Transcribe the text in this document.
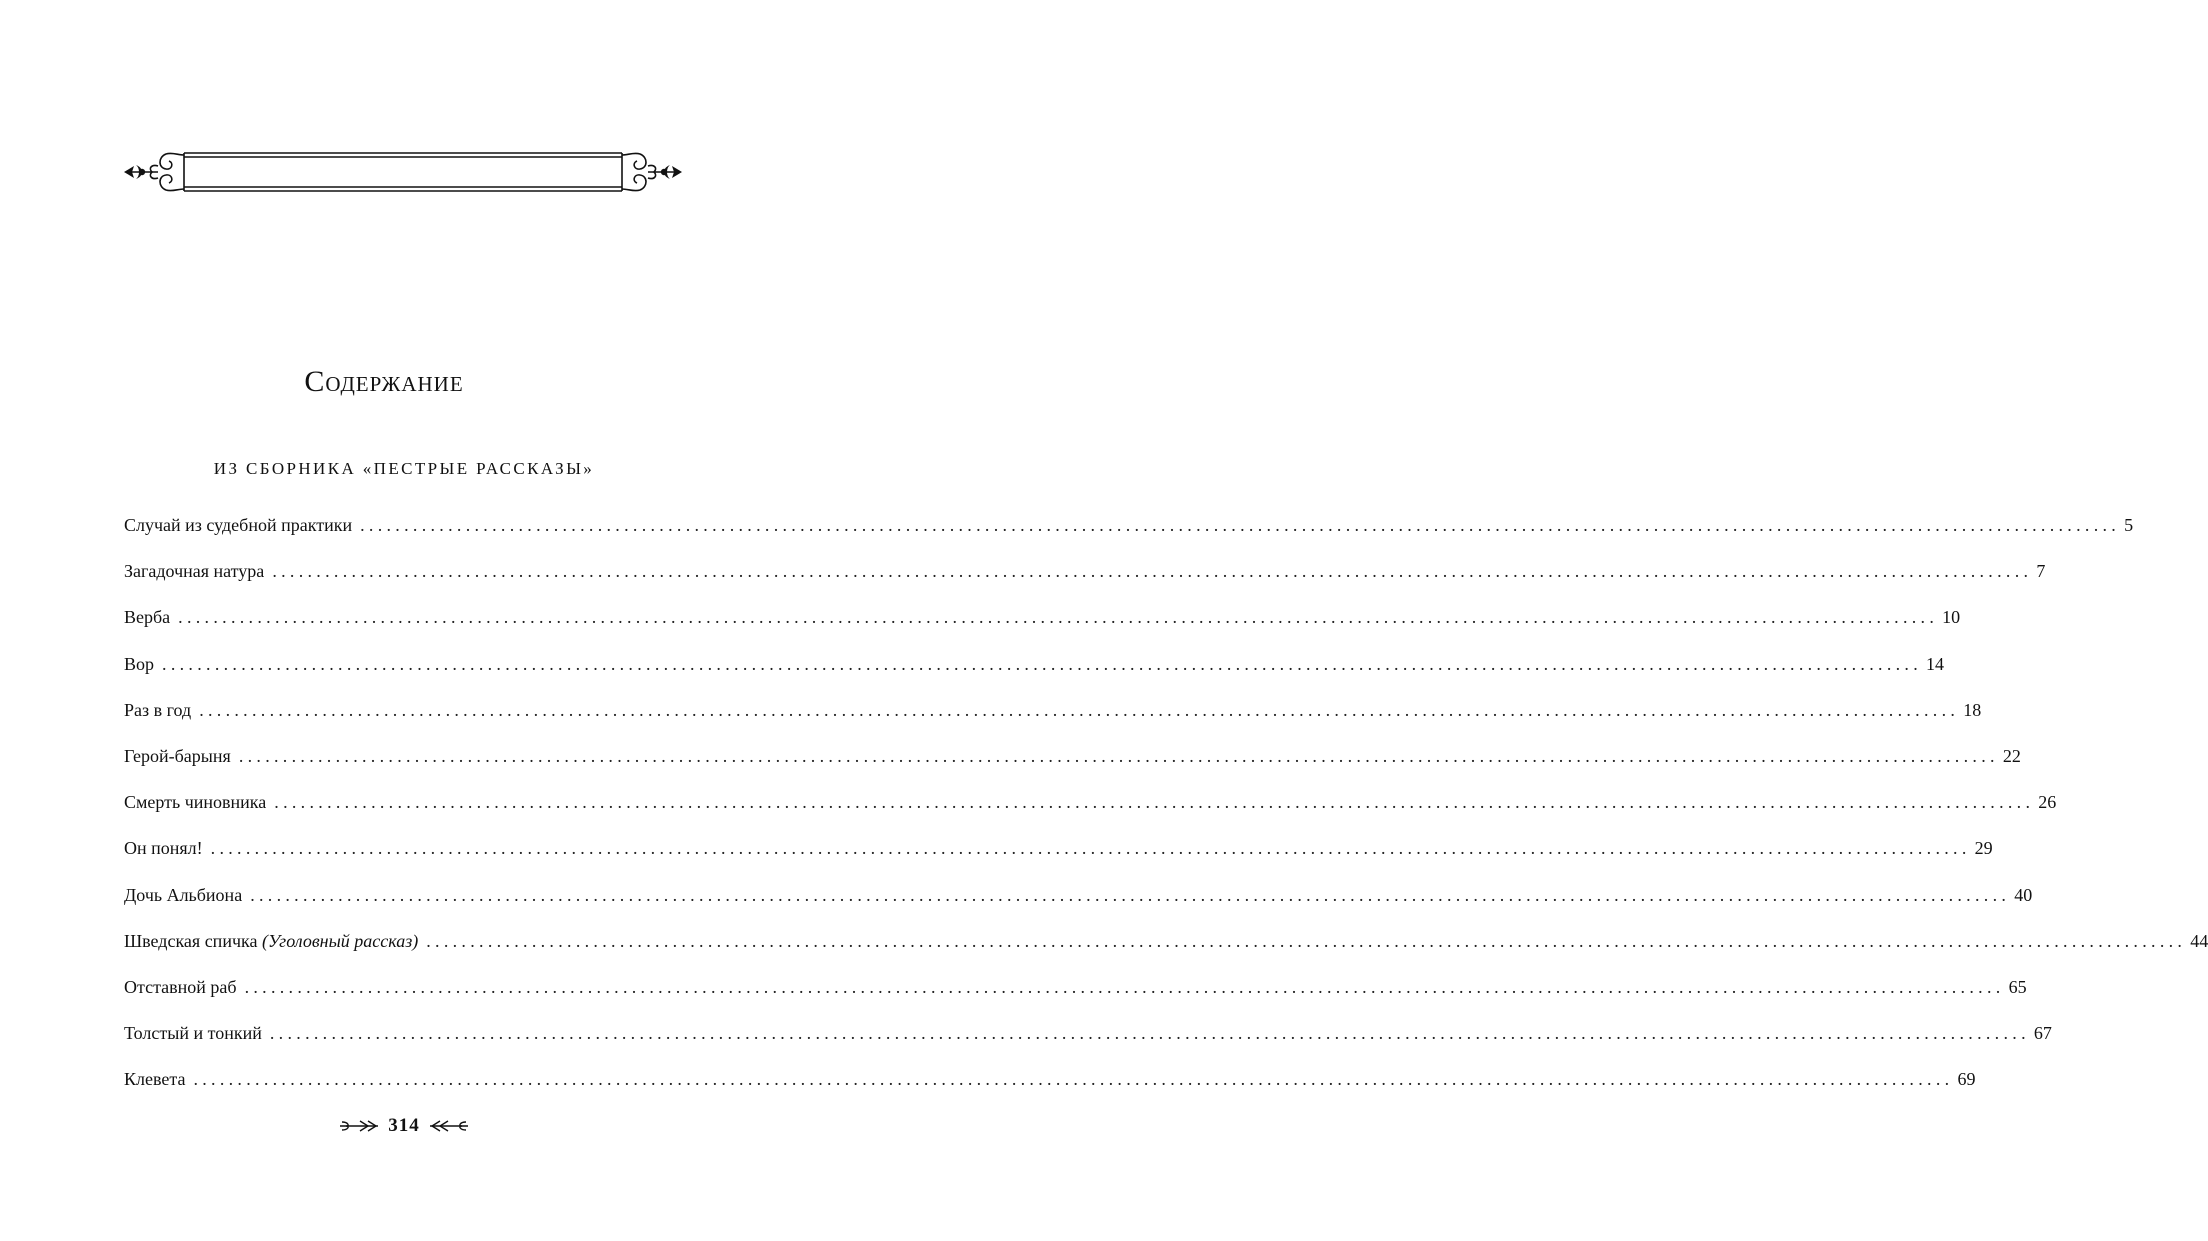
Содержание
ИЗ СБОРНИКА «ПЕСТРЫЕ РАССКАЗЫ»
Случай из судебной практики ........................................................................................................................................................................................................ 5
Загадочная натура ........................................................................................................................................................................................................ 7
Верба ........................................................................................................................................................................................................ 10
Вор ........................................................................................................................................................................................................ 14
Раз в год ........................................................................................................................................................................................................ 18
Герой-барыня ........................................................................................................................................................................................................ 22
Смерть чиновника ........................................................................................................................................................................................................ 26
Он понял! ........................................................................................................................................................................................................ 29
Дочь Альбиона ........................................................................................................................................................................................................ 40
Шведская спичка (Уголовный рассказ) ........................................................................................................................................................................................................ 44
Отставной раб ........................................................................................................................................................................................................ 65
Толстый и тонкий ........................................................................................................................................................................................................ 67
Клевета ........................................................................................................................................................................................................ 69
314
